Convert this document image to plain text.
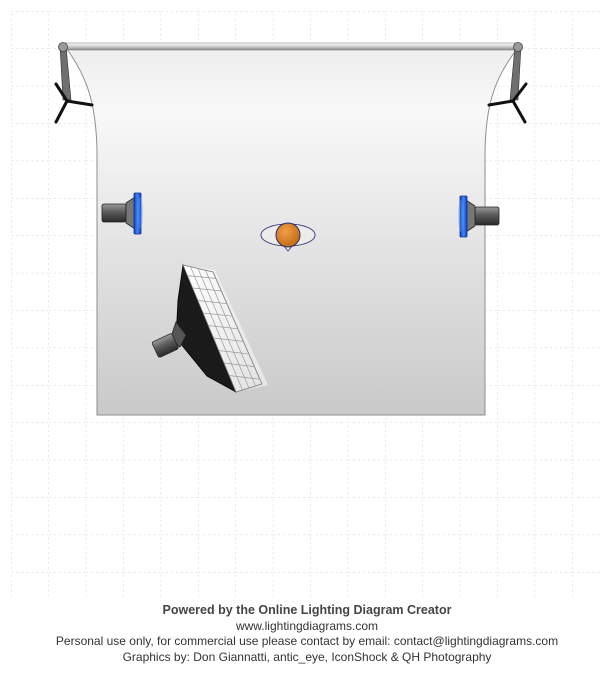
Powered by the Online Lighting Diagram Creator
www.lightingdiagrams.com
Personal use only, for commercial use please contact by email: contact@lightingdiagrams.com
Graphics by: Don Giannatti, antic_eye, IconShock & QH Photography
